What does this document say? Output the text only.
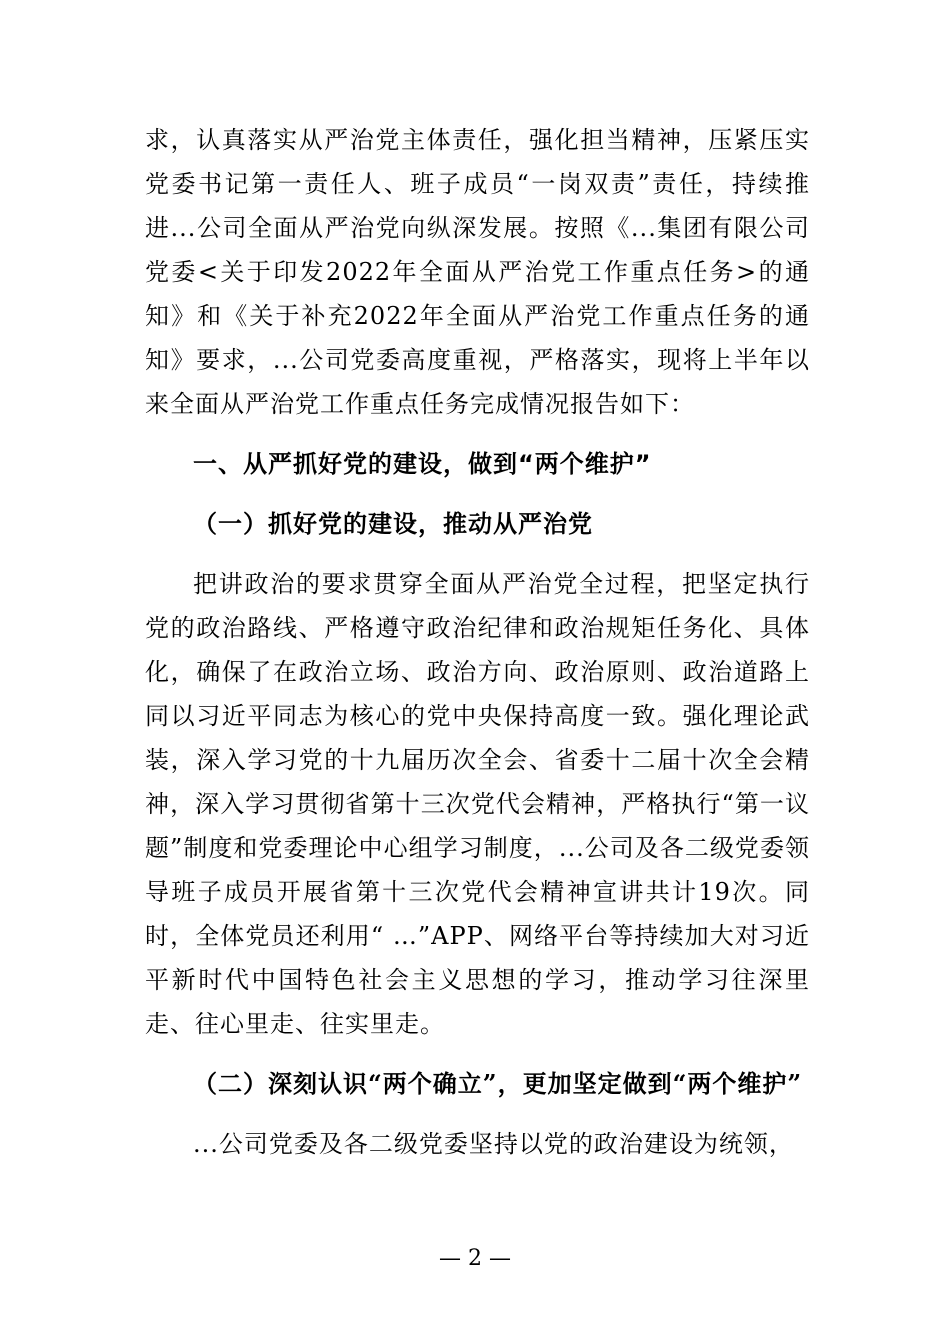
求，认真落实从严治党主体责任，强化担当精神，压紧压实党委书记第一责任人、班子成员“一岗双责”责任，持续推进...公司全面从严治党向纵深发展。按照《...集团有限公司党委<关于印发2022年全面从严治党工作重点任务>的通知》和《关于补充2022年全面从严治党工作重点任务的通知》要求，...公司党委高度重视，严格落实，现将上半年以来全面从严治党工作重点任务完成情况报告如下：

一、从严抓好党的建设，做到“两个维护”

（一）抓好党的建设，推动从严治党

把讲政治的要求贯穿全面从严治党全过程，把坚定执行党的政治路线、严格遵守政治纪律和政治规矩任务化、具体化，确保了在政治立场、政治方向、政治原则、政治道路上同以习近平同志为核心的党中央保持高度一致。强化理论武装，深入学习党的十九届历次全会、省委十二届十次全会精神，深入学习贯彻省第十三次党代会精神，严格执行“第一议题”制度和党委理论中心组学习制度，...公司及各二级党委领导班子成员开展省第十三次党代会精神宣讲共计19次。同时，全体党员还利用“ …”APP、网络平台等持续加大对习近平新时代中国特色社会主义思想的学习，推动学习往深里走、往心里走、往实里走。

（二）深刻认识“两个确立”，更加坚定做到“两个维护”

...公司党委及各二级党委坚持以党的政治建设为统领，

— 2 —
